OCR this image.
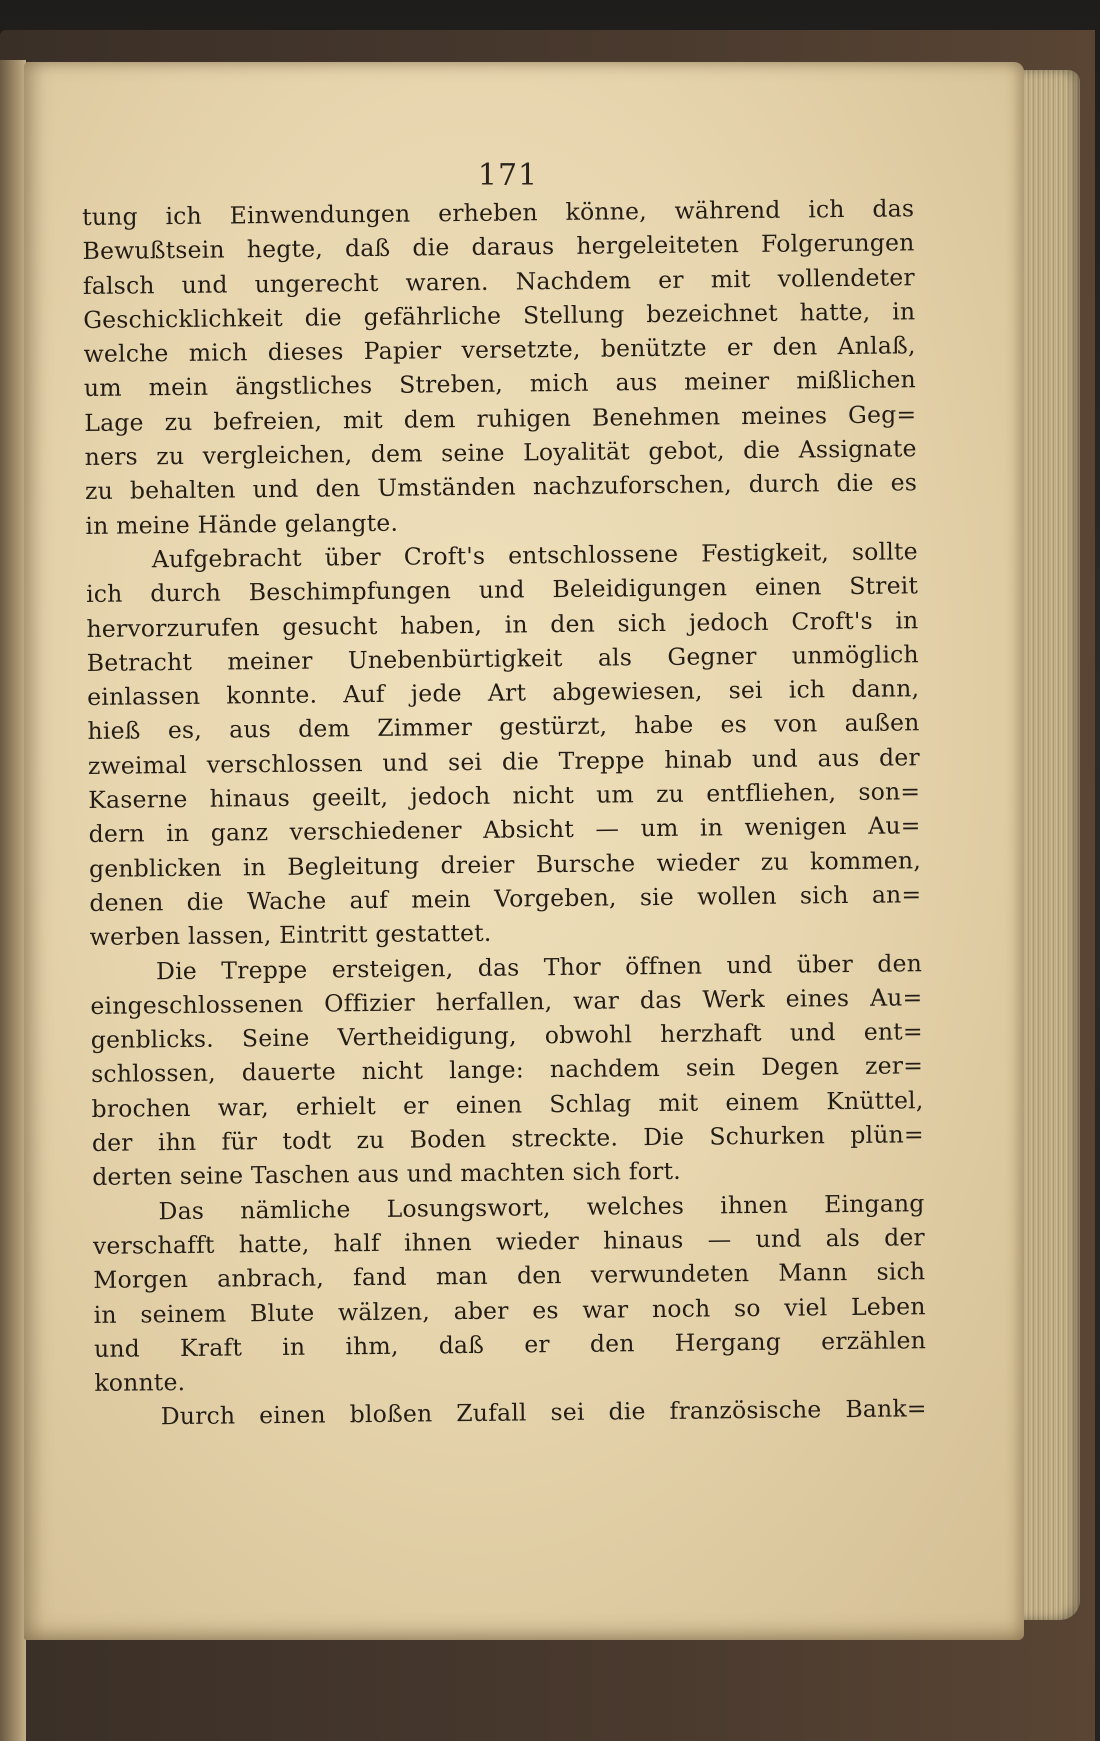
171
tung ich Einwendungen erheben könne, während ich das
Bewußtsein hegte, daß die daraus hergeleiteten Folgerungen
falsch und ungerecht waren. Nachdem er mit vollendeter
Geschicklichkeit die gefährliche Stellung bezeichnet hatte, in
welche mich dieses Papier versetzte, benützte er den Anlaß,
um mein ängstliches Streben, mich aus meiner mißlichen
Lage zu befreien, mit dem ruhigen Benehmen meines Geg=
ners zu vergleichen, dem seine Loyalität gebot, die Assignate
zu behalten und den Umständen nachzuforschen, durch die es
in meine Hände gelangte.
Aufgebracht über Croft's entschlossene Festigkeit, sollte
ich durch Beschimpfungen und Beleidigungen einen Streit
hervorzurufen gesucht haben, in den sich jedoch Croft's in
Betracht meiner Unebenbürtigkeit als Gegner unmöglich
einlassen konnte. Auf jede Art abgewiesen, sei ich dann,
hieß es, aus dem Zimmer gestürzt, habe es von außen
zweimal verschlossen und sei die Treppe hinab und aus der
Kaserne hinaus geeilt, jedoch nicht um zu entfliehen, son=
dern in ganz verschiedener Absicht — um in wenigen Au=
genblicken in Begleitung dreier Bursche wieder zu kommen,
denen die Wache auf mein Vorgeben, sie wollen sich an=
werben lassen, Eintritt gestattet.
Die Treppe ersteigen, das Thor öffnen und über den
eingeschlossenen Offizier herfallen, war das Werk eines Au=
genblicks. Seine Vertheidigung, obwohl herzhaft und ent=
schlossen, dauerte nicht lange: nachdem sein Degen zer=
brochen war, erhielt er einen Schlag mit einem Knüttel,
der ihn für todt zu Boden streckte. Die Schurken plün=
derten seine Taschen aus und machten sich fort.
Das nämliche Losungswort, welches ihnen Eingang
verschafft hatte, half ihnen wieder hinaus — und als der
Morgen anbrach, fand man den verwundeten Mann sich
in seinem Blute wälzen, aber es war noch so viel Leben
und Kraft in ihm, daß er den Hergang erzählen
konnte.
Durch einen bloßen Zufall sei die französische Bank=
